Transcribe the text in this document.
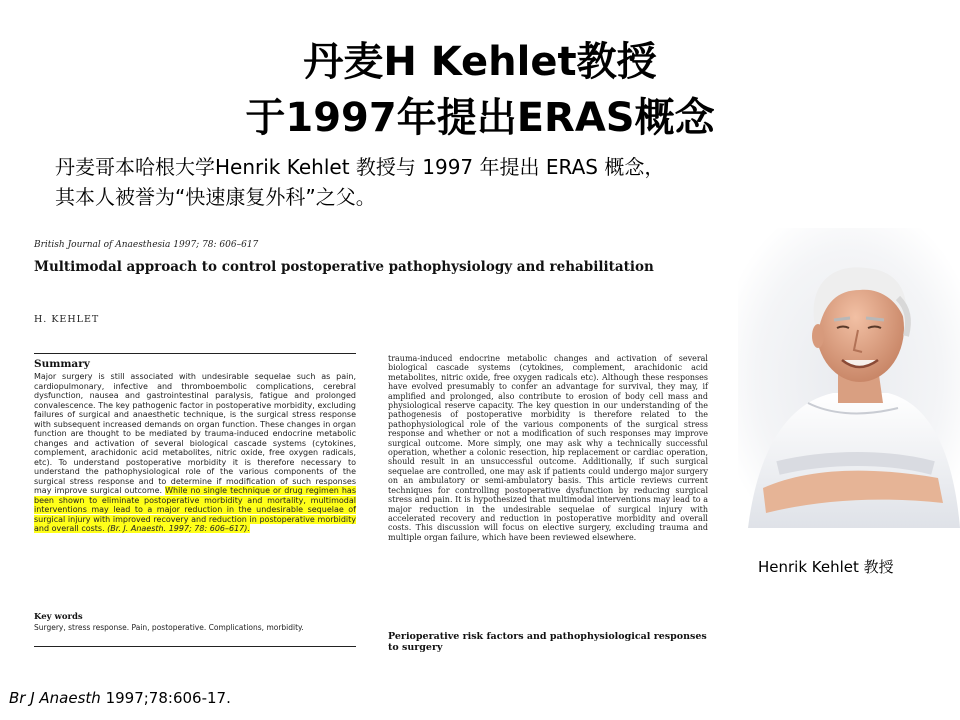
丹麦H Kehlet教授
于1997年提出ERAS概念
丹麦哥本哈根大学Henrik Kehlet 教授与 1997 年提出 ERAS 概念，
其本人被誉为“快速康复外科”之父。
British Journal of Anaesthesia 1997; 78: 606–617
Multimodal approach to control postoperative pathophysiology and rehabilitation
H. KEHLET
Summary
Major surgery is still associated with undesirable sequelae such as pain, cardiopulmonary, infective and thromboembolic complications, cerebral dysfunction, nausea and gastrointestinal paralysis, fatigue and prolonged convalescence. The key pathogenic factor in postoperative morbidity, excluding failures of surgical and anaesthetic technique, is the surgical stress response with subsequent increased demands on organ function. These changes in organ function are thought to be mediated by trauma-induced endocrine metabolic changes and activation of several biological cascade systems (cytokines, complement, arachidonic acid metabolites, nitric oxide, free oxygen radicals, etc). To understand postoperative morbidity it is therefore necessary to understand the pathophysiological role of the various components of the surgical stress response and to determine if modification of such responses may improve surgical outcome. While no single technique or drug regimen has been shown to eliminate postoperative morbidity and mortality, multimodal interventions may lead to a major reduction in the undesirable sequelae of surgical injury with improved recovery and reduction in postoperative morbidity and overall costs. (Br. J. Anaesth. 1997; 78: 606–617).
Key words
Surgery, stress response. Pain, postoperative. Complications, morbidity.
trauma-induced endocrine metabolic changes and activation of several biological cascade systems (cytokines, complement, arachidonic acid metabolites, nitric oxide, free oxygen radicals etc). Although these responses have evolved presumably to confer an advantage for survival, they may, if amplified and prolonged, also contribute to erosion of body cell mass and physiological reserve capacity. The key question in our understanding of the pathogenesis of postoperative morbidity is therefore related to the pathophysiological role of the various components of the surgical stress response and whether or not a modification of such responses may improve surgical outcome. More simply, one may ask why a technically successful operation, whether a colonic resection, hip replacement or cardiac operation, should result in an unsuccessful outcome. Additionally, if such surgical sequelae are controlled, one may ask if patients could undergo major surgery on an ambulatory or semi-ambulatory basis. This article reviews current techniques for controlling postoperative dysfunction by reducing surgical stress and pain. It is hypothesized that multimodal interventions may lead to a major reduction in the undesirable sequelae of surgical injury with accelerated recovery and reduction in postoperative morbidity and overall costs. This discussion will focus on elective surgery, excluding trauma and multiple organ failure, which have been reviewed elsewhere.
Perioperative risk factors and pathophysiological responses to surgery
Henrik Kehlet 教授
Br J Anaesth 1997;78:606-17.
